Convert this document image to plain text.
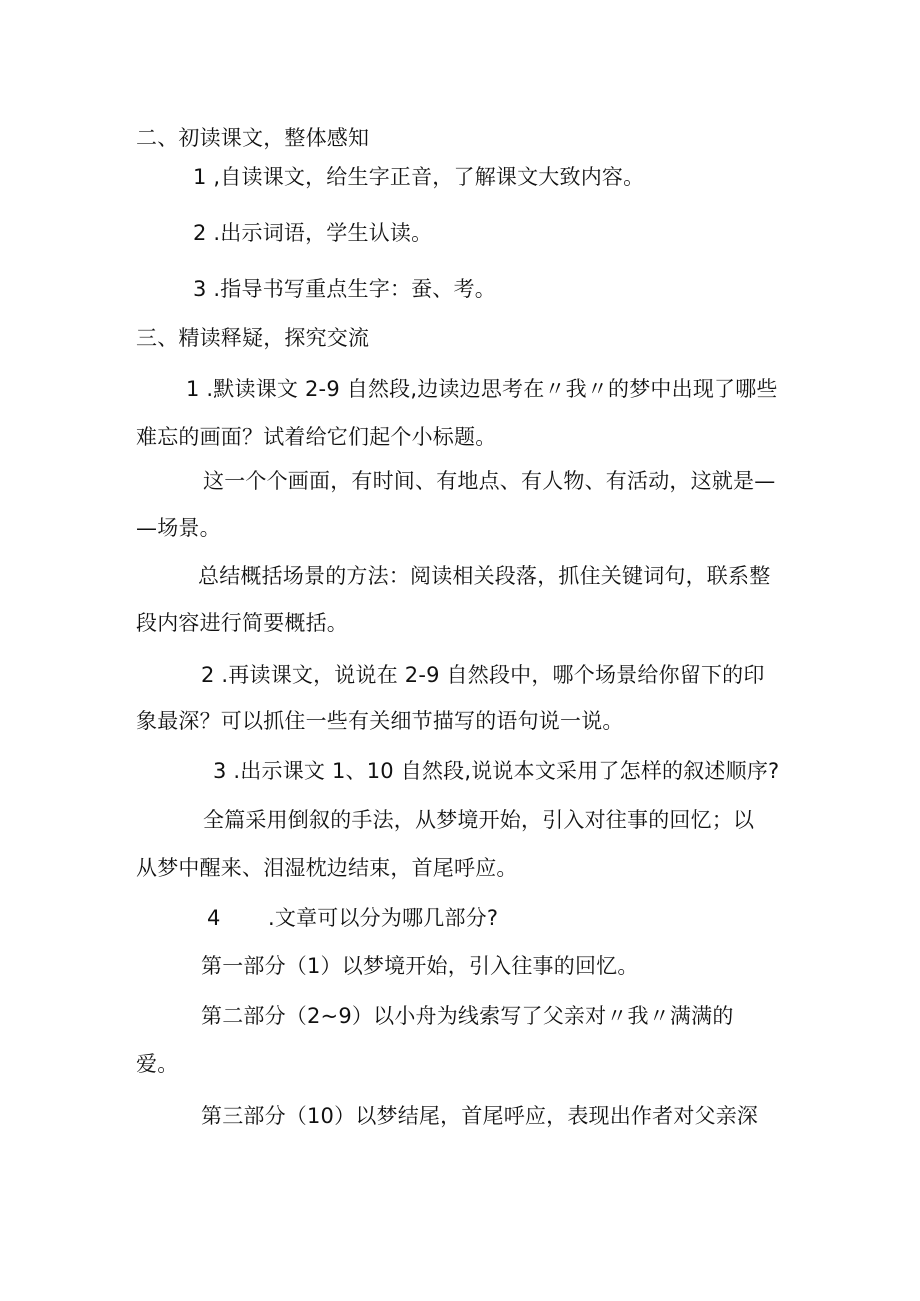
二、初读课文，整体感知
1 ,自读课文，给生字正音，了解课文大致内容。
2 .出示词语，学生认读。
3 .指导书写重点生字：蚕、考。
三、精读释疑，探究交流
1 .默读课文 2-9 自然段,边读边思考在〃我〃的梦中出现了哪些
难忘的画面？试着给它们起个小标题。
这一个个画面，有时间、有地点、有人物、有活动，这就是—
—场景。
总结概括场景的方法：阅读相关段落，抓住关键词句，联系整
段内容进行简要概括。
2 .再读课文，说说在 2-9 自然段中，哪个场景给你留下的印
象最深？可以抓住一些有关细节描写的语句说一说。
3 .出示课文 1、10 自然段,说说本文采用了怎样的叙述顺序?
全篇采用倒叙的手法，从梦境开始，引入对往事的回忆；以
从梦中醒来、泪湿枕边结束，首尾呼应。
4 .文章可以分为哪几部分?
第一部分（1）以梦境开始，引入往事的回忆。
第二部分（2~9）以小舟为线索写了父亲对〃我〃满满的
爱。
第三部分（10）以梦结尾，首尾呼应，表现出作者对父亲深
